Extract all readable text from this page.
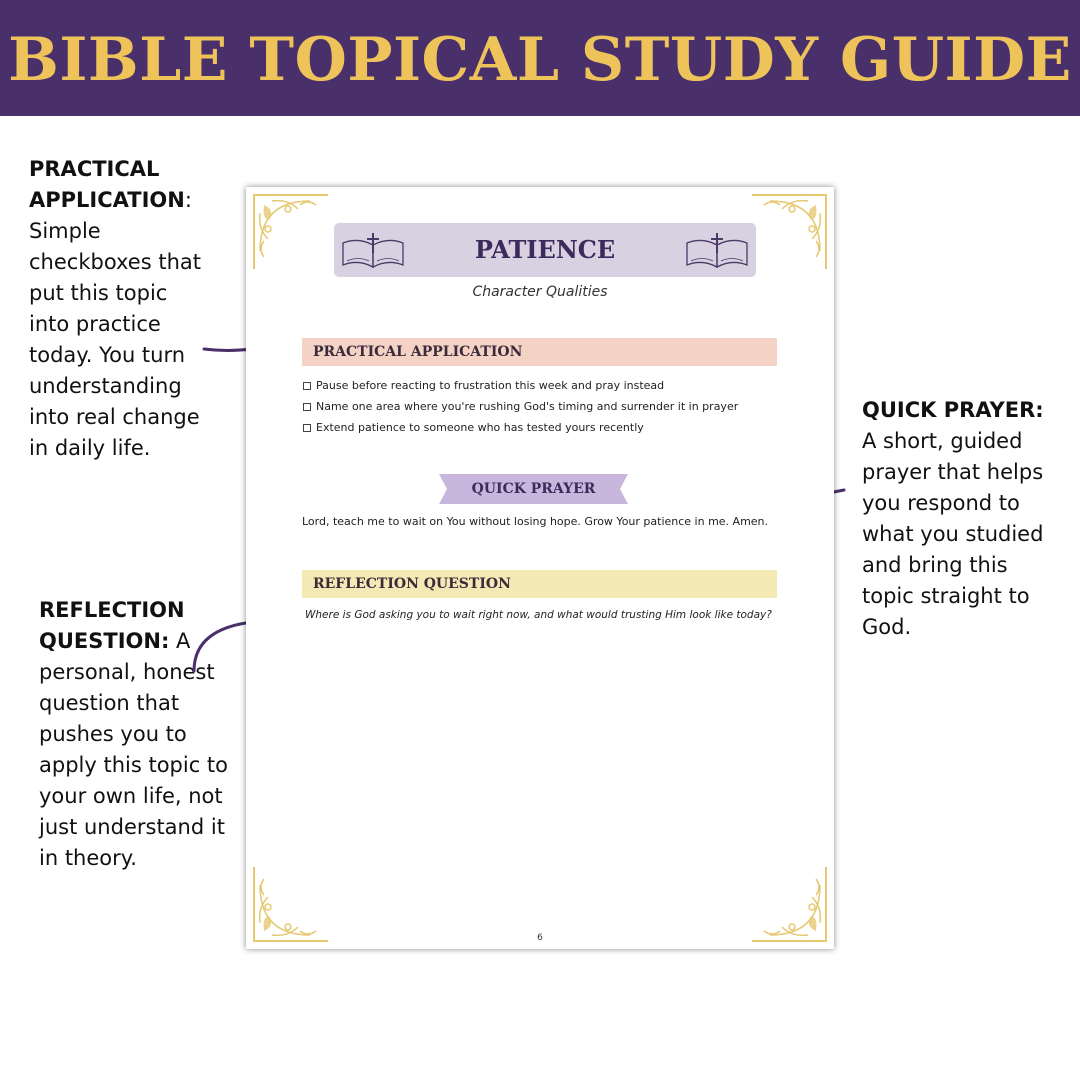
BIBLE TOPICAL STUDY GUIDE
PRACTICAL APPLICATION: Simple checkboxes that put this topic into practice today. You turn understanding into real change in daily life.
QUICK PRAYER: A short, guided prayer that helps you respond to what you studied and bring this topic straight to God.
REFLECTION QUESTION: A personal, honest question that pushes you to apply this topic to your own life, not just understand it in theory.
PATIENCE
Character Qualities
PRACTICAL APPLICATION
Pause before reacting to frustration this week and pray instead
Name one area where you're rushing God's timing and surrender it in prayer
Extend patience to someone who has tested yours recently
QUICK PRAYER
Lord, teach me to wait on You without losing hope. Grow Your patience in me. Amen.
REFLECTION QUESTION
Where is God asking you to wait right now, and what would trusting Him look like today?
6
